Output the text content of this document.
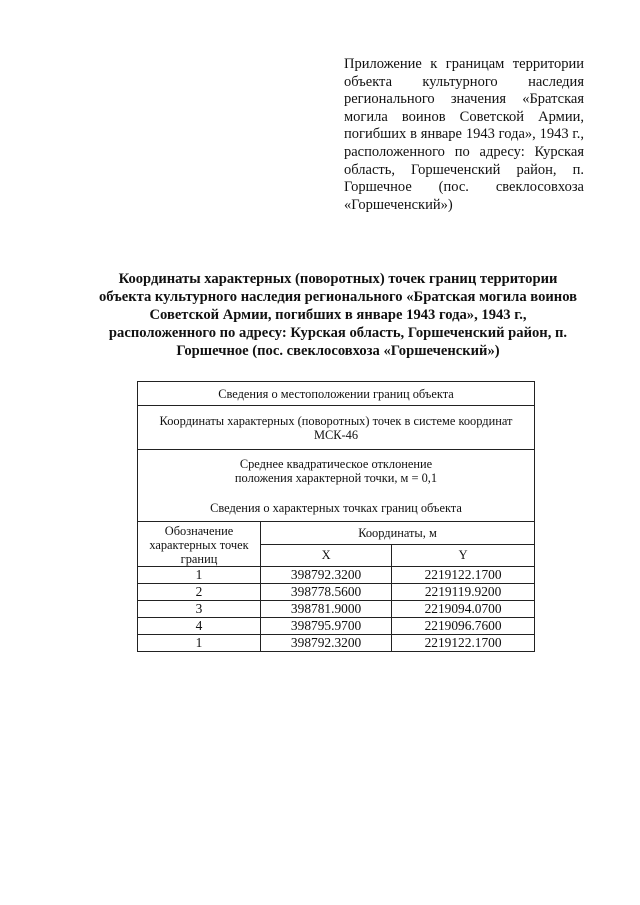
Приложение к границам территории объекта культурного наследия регионального значения «Братская могила воинов Советской Армии, погибших в январе 1943 года», 1943 г., расположенного по адресу: Курская область, Горшеченский район, п. Горшечное (пос. свеклосовхоза «Горшеченский»)
Координаты характерных (поворотных) точек границ территории объекта культурного наследия регионального «Братская могила воинов Советской Армии, погибших в январе 1943 года», 1943 г., расположенного по адресу: Курская область, Горшеченский район, п. Горшечное (пос. свеклосовхоза «Горшеченский»)
Сведения о местоположении границ объекта		
Координаты характерных (поворотных) точек в системе координат МСК-46		

Среднее квадратическое отклонение
положения характерной точки, м = 0,1
Сведения о характерных точках границ объекта		

Обозначение характерных точек границ	Координаты, м	
	X	Y
1	398792.3200	2219122.1700
2	398778.5600	2219119.9200
3	398781.9000	2219094.0700
4	398795.9700	2219096.7600
1	398792.3200	2219122.1700
